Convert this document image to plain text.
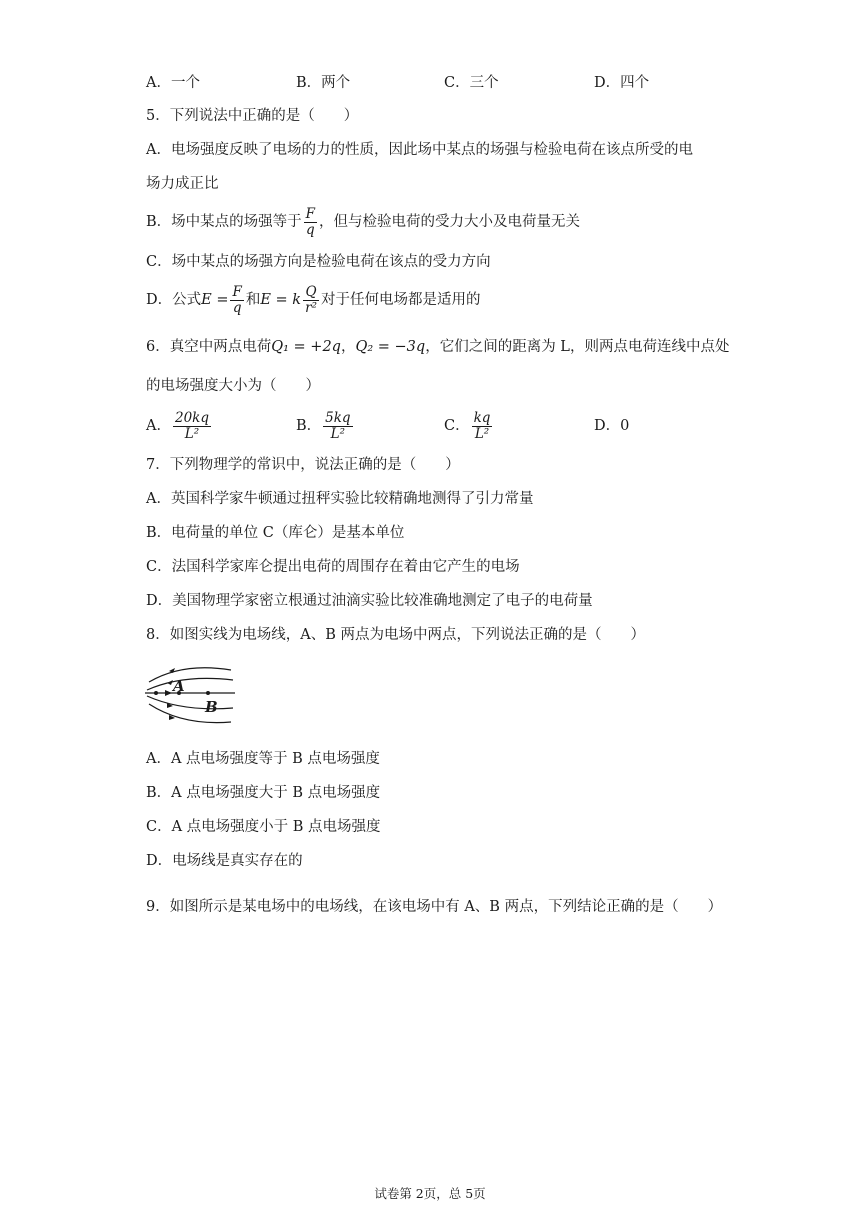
A．一个	B．两个	C．三个	D．四个
5．下列说法中正确的是（　　）
A．电场强度反映了电场的力的性质，因此场中某点的场强与检验电荷在该点所受的电
场力成正比
B．场中某点的场强等于 $\frac{F}{q}$ ，但与检验电荷的受力大小及电荷量无关
C．场中某点的场强方向是检验电荷在该点的受力方向
D．公式$E = \frac{F}{q}$ 和E = k $\frac{Q}{\text{r²}}$ 对于任何电场都是适用的
6．真空中两点电荷Q₁ = +2q，Q₂ = −3q，它们之间的距离为 L，则两点电荷连线中点处
的电场强度大小为（　　）
A． $\frac{20kq}{\text{L²}}$	B． $\frac{5kq}{\text{L²}}$	C． $\frac{kq}{\text{L²}}$	D．0
7．下列物理学的常识中，说法正确的是（　　）
A．英国科学家牛顿通过扭秤实验比较精确地测得了引力常量
B．电荷量的单位 C（库仑）是基本单位
C．法国科学家库仑提出电荷的周围存在着由它产生的电场
D．美国物理学家密立根通过油滴实验比较准确地测定了电子的电荷量
8．如图实线为电场线，A、B 两点为电场中两点，下列说法正确的是（　　）
A
B
A．A 点电场强度等于 B 点电场强度
B．A 点电场强度大于 B 点电场强度
C．A 点电场强度小于 B 点电场强度
D．电场线是真实存在的
9．如图所示是某电场中的电场线，在该电场中有 A、B 两点，下列结论正确的是（　　）
试卷第 2页，总 5页
